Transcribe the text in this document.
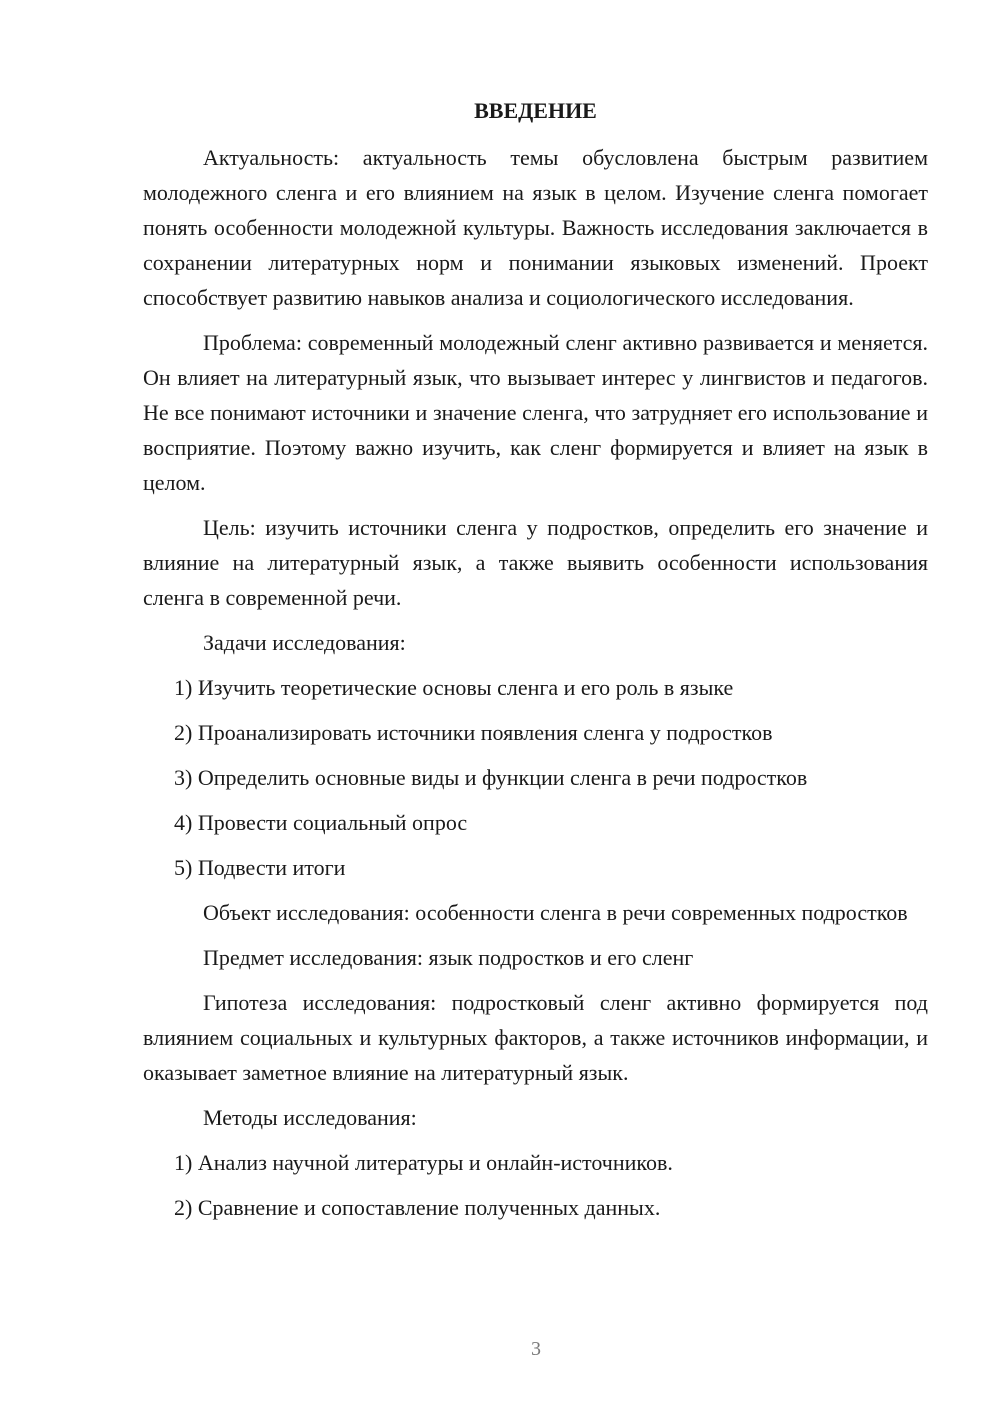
ВВЕДЕНИЕ

Актуальность: актуальность темы обусловлена быстрым развитием молодежного сленга и его влиянием на язык в целом. Изучение сленга помогает понять особенности молодежной культуры. Важность исследования заключается в сохранении литературных норм и понимании языковых изменений. Проект способствует развитию навыков анализа и социологического исследования.

Проблема: современный молодежный сленг активно развивается и меняется. Он влияет на литературный язык, что вызывает интерес у лингвистов и педагогов. Не все понимают источники и значение сленга, что затрудняет его использование и восприятие. Поэтому важно изучить, как сленг формируется и влияет на язык в целом.

Цель: изучить источники сленга у подростков, определить его значение и влияние на литературный язык, а также выявить особенности использования сленга в современной речи.

Задачи исследования:

1) Изучить теоретические основы сленга и его роль в языке
2) Проанализировать источники появления сленга у подростков
3) Определить основные виды и функции сленга в речи подростков
4) Провести социальный опрос
5) Подвести итоги

Объект исследования: особенности сленга в речи современных подростков

Предмет исследования: язык подростков и его сленг

Гипотеза исследования: подростковый сленг активно формируется под влиянием социальных и культурных факторов, а также источников информации, и оказывает заметное влияние на литературный язык.

Методы исследования:

1) Анализ научной литературы и онлайн-источников.
2) Сравнение и сопоставление полученных данных.
3
